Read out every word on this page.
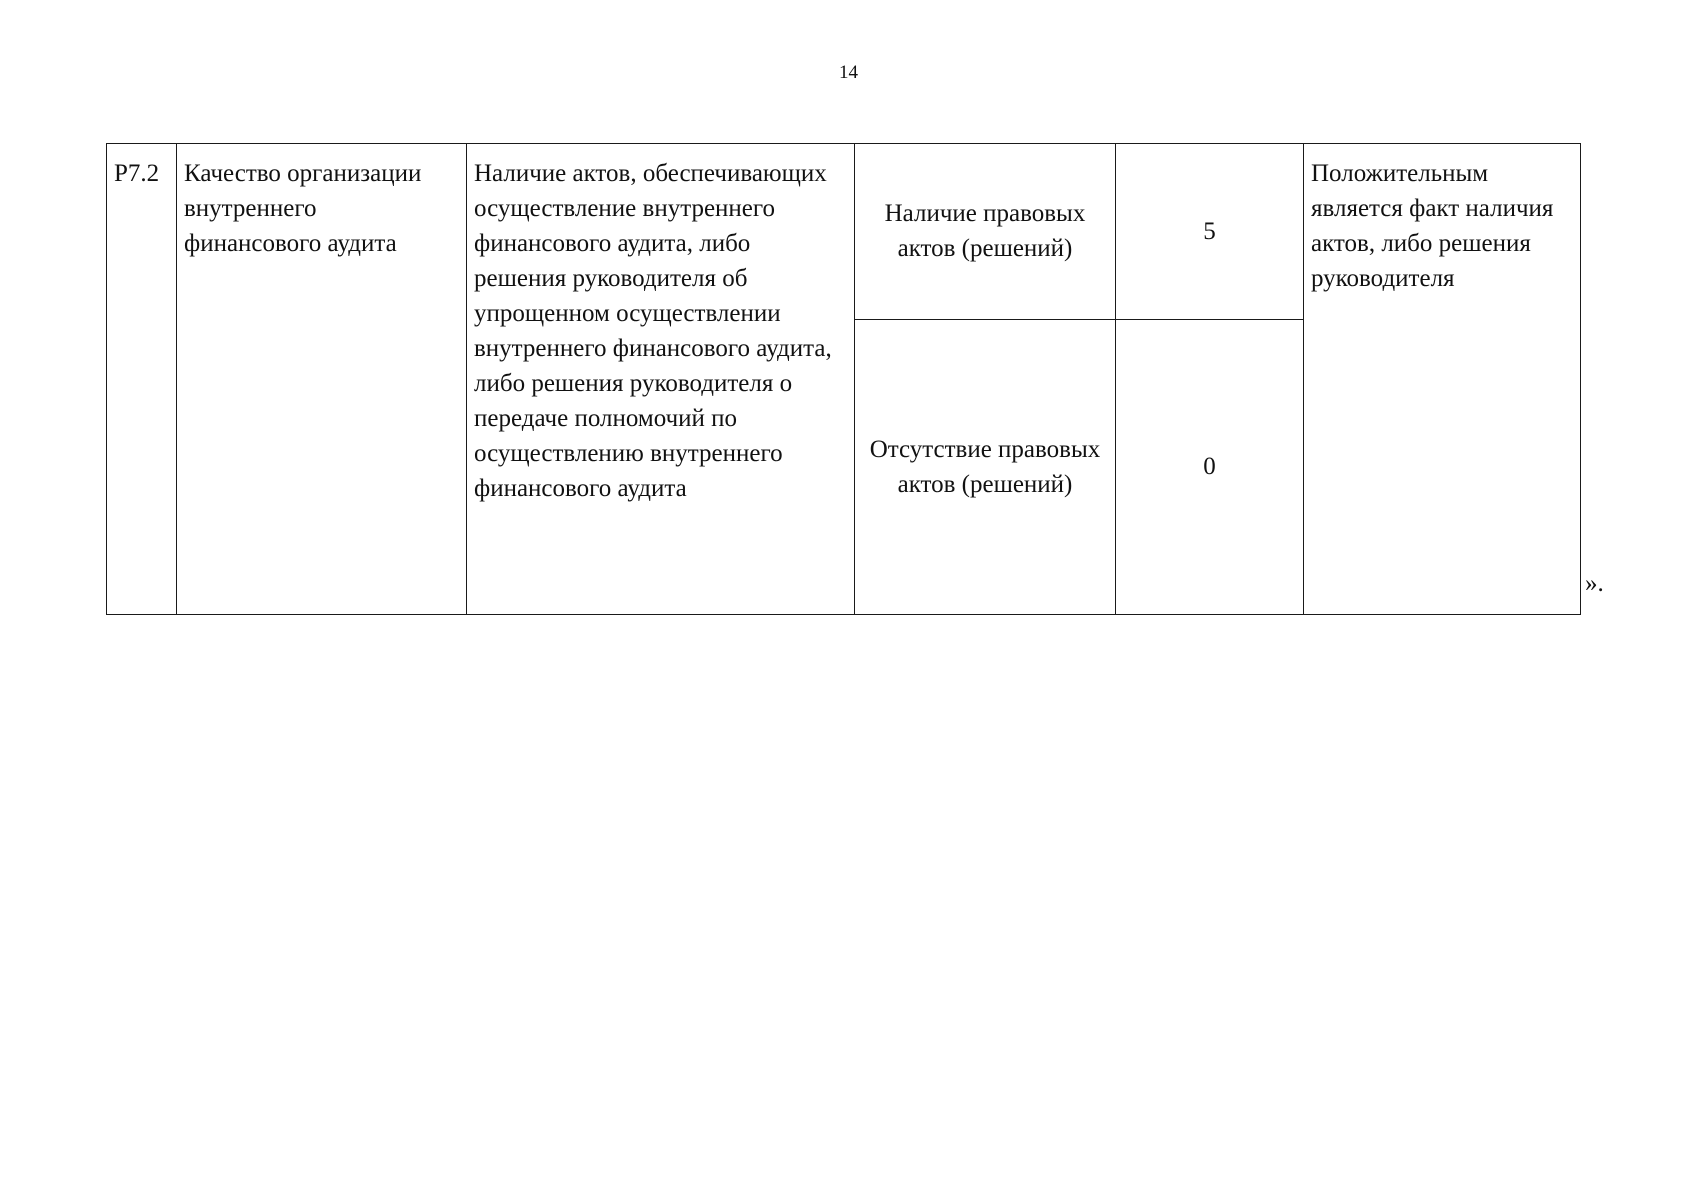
14
Р7.2	Качество организации внутреннего финансового аудита	Наличие актов, обеспечивающих осуществление внутреннего финансового аудита, либо решения руководителя об упрощенном осуществлении внутреннего финансового аудита, либо решения руководителя о передаче полномочий по осуществлению внутреннего финансового аудита	Наличие правовых актов (решений)	5	Положительным является факт наличия актов, либо решения руководителя
			Отсутствие правовых актов (решений)	0	
».
